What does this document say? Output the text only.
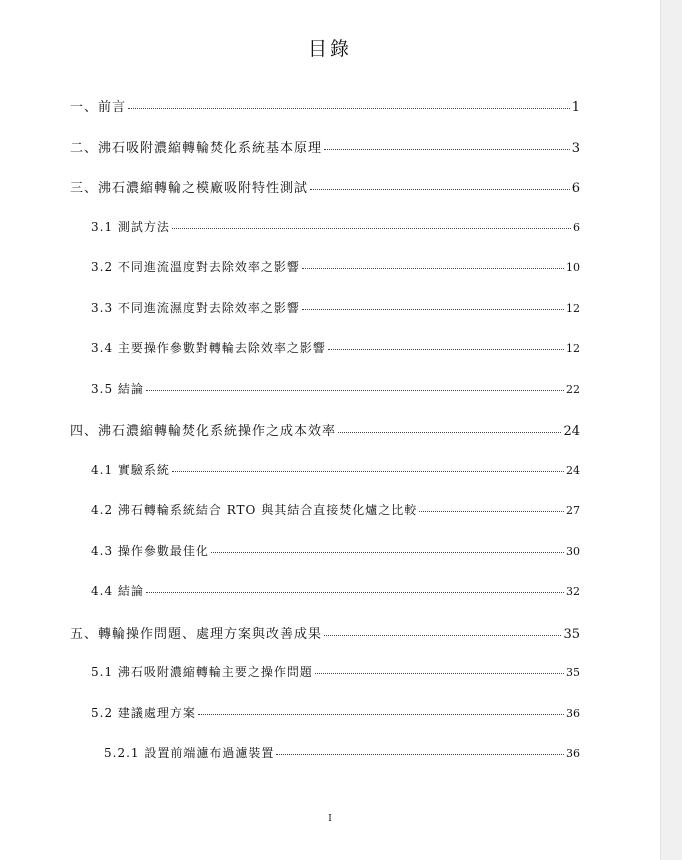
目錄
一、前言	1
二、沸石吸附濃縮轉輪焚化系統基本原理	3
三、沸石濃縮轉輪之模廠吸附特性測試	6
3.1 測試方法	6
3.2 不同進流溫度對去除效率之影響	10
3.3 不同進流濕度對去除效率之影響	12
3.4 主要操作參數對轉輪去除效率之影響	12
3.5 結論	22
四、沸石濃縮轉輪焚化系統操作之成本效率	24
4.1 實驗系統	24
4.2 沸石轉輪系統結合 RTO 與其結合直接焚化爐之比較	27
4.3 操作參數最佳化	30
4.4 結論	32
五、轉輪操作問題、處理方案與改善成果	35
5.1 沸石吸附濃縮轉輪主要之操作問題	35
5.2 建議處理方案	36
5.2.1 設置前端濾布過濾裝置	36
I
